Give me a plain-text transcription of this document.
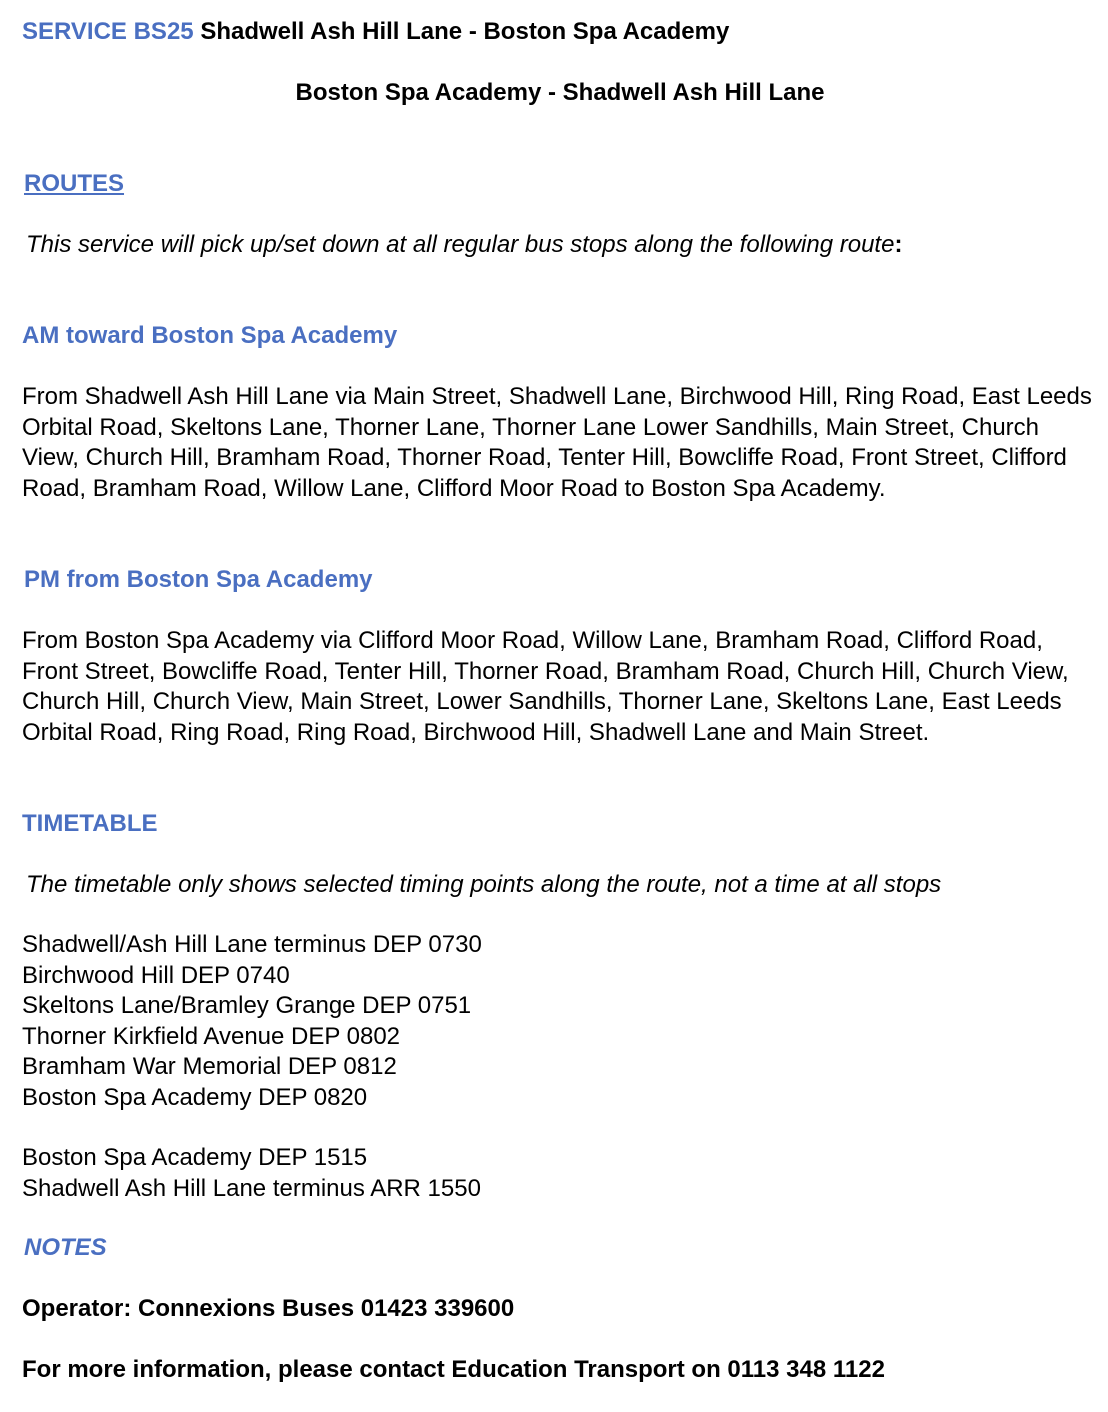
SERVICE BS25 Shadwell Ash Hill Lane - Boston Spa Academy
Boston Spa Academy - Shadwell Ash Hill Lane
ROUTES
This service will pick up/set down at all regular bus stops along the following route:
AM toward Boston Spa Academy

From Shadwell Ash Hill Lane via Main Street, Shadwell Lane, Birchwood Hill, Ring Road, East Leeds Orbital Road, Skeltons Lane, Thorner Lane, Thorner Lane Lower Sandhills, Main Street, Church View, Church Hill, Bramham Road, Thorner Road, Tenter Hill, Bowcliffe Road, Front Street, Clifford Road, Bramham Road, Willow Lane, Clifford Moor Road to Boston Spa Academy.

PM from Boston Spa Academy

From Boston Spa Academy via Clifford Moor Road, Willow Lane, Bramham Road, Clifford Road, Front Street, Bowcliffe Road, Tenter Hill, Thorner Road, Bramham Road, Church Hill, Church View, Church Hill, Church View, Main Street, Lower Sandhills, Thorner Lane, Skeltons Lane, East Leeds Orbital Road, Ring Road, Ring Road, Birchwood Hill, Shadwell Lane and Main Street.

TIMETABLE
The timetable only shows selected timing points along the route, not a time at all stops
Shadwell/Ash Hill Lane terminus DEP 0730
Birchwood Hill DEP 0740
Skeltons Lane/Bramley Grange DEP 0751
Thorner Kirkfield Avenue DEP 0802
Bramham War Memorial DEP 0812
Boston Spa Academy DEP 0820
Boston Spa Academy DEP 1515
Shadwell Ash Hill Lane terminus ARR 1550
NOTES
Operator: Connexions Buses 01423 339600
For more information, please contact Education Transport on 0113 348 1122
